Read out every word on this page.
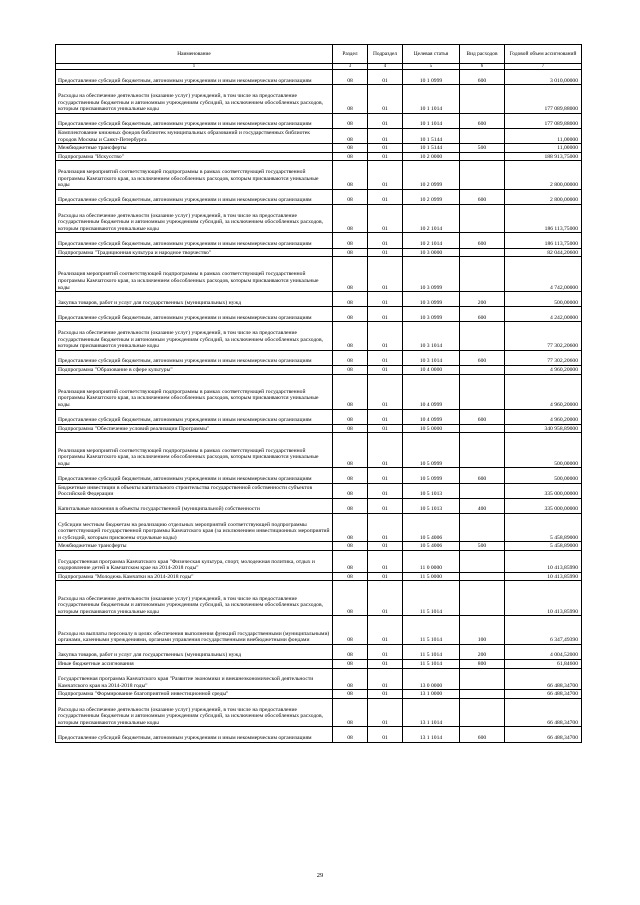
Наименование	Раздел	Подраздел	Целевая статья	Вид расходов	Годовой объем ассигнований
1	3	4	5	6	7
Предоставление субсидий бюджетным, автономным учреждениям и иным некоммерческим организациям	08	01	10 1 0999	600	3 010,00000
Расходы на обеспечение деятельности (оказание услуг) учреждений, в том числе на предоставление государственным бюджетным и автономным учреждениям субсидий, за исключением обособленных расходов, которым присваиваются уникальные коды	08	01	10 1 1014		177 089,88000
Предоставление субсидий бюджетным, автономным учреждениям и иным некоммерческим организациям	08	01	10 1 1014	600	177 089,88000
Комплектование книжных фондов библиотек муниципальных образований и государственных библиотек городов Москвы и Санкт-Петербурга	08	01	10 1 5144		11,00000
Межбюджетные трансферты	08	01	10 1 5144	500	11,00000
Подпрограмма "Искусство"	08	01	10 2 0000		188 913,75000
Реализация мероприятий соответствующей подпрограммы в рамках соответствующей государственной программы Камчатского края, за исключением обособленных расходов, которым присваиваются уникальные коды	08	01	10 2 0999		2 800,00000
Предоставление субсидий бюджетным, автономным учреждениям и иным некоммерческим организациям	08	01	10 2 0999	600	2 800,00000
Расходы на обеспечение деятельности (оказание услуг) учреждений, в том числе на предоставление государственным бюджетным и автономным учреждениям субсидий, за исключением обособленных расходов, которым присваиваются уникальные коды	08	01	10 2 1014		186 113,75000
Предоставление субсидий бюджетным, автономным учреждениям и иным некоммерческим организациям	08	01	10 2 1014	600	186 113,75000
Подпрограмма "Традиционная культура и народное творчество"	08	01	10 3 0000		82 044,20600
Реализация мероприятий соответствующей подпрограммы в рамках соответствующей государственной программы Камчатского края, за исключением обособленных расходов, которым присваиваются уникальные коды	08	01	10 3 0999		4 742,00000
Закупка товаров, работ и услуг для государственных (муниципальных) нужд	08	01	10 3 0999	200	500,00000
Предоставление субсидий бюджетным, автономным учреждениям и иным некоммерческим организациям	08	01	10 3 0999	600	4 242,00000
Расходы на обеспечение деятельности (оказание услуг) учреждений, в том числе на предоставление государственным бюджетным и автономным учреждениям субсидий, за исключением обособленных расходов, которым присваиваются уникальные коды	08	01	10 3 1014		77 302,20600
Предоставление субсидий бюджетным, автономным учреждениям и иным некоммерческим организациям	08	01	10 3 1014	600	77 302,20600
Подпрограмма "Образование в сфере культуры"	08	01	10 4 0000		4 960,20000
Реализация мероприятий соответствующей подпрограммы в рамках соответствующей государственной программы Камчатского края, за исключением обособленных расходов, которым присваиваются уникальные коды	08	01	10 4 0999		4 960,20000
Предоставление субсидий бюджетным, автономным учреждениям и иным некоммерческим организациям	08	01	10 4 0999	600	4 960,20000
Подпрограмма "Обеспечение условий реализации Программы"	08	01	10 5 0000		340 958,89000
Реализация мероприятий соответствующей подпрограммы в рамках соответствующей государственной программы Камчатского края, за исключением обособленных расходов, которым присваиваются уникальные коды	08	01	10 5 0999		500,00000
Предоставление субсидий бюджетным, автономным учреждениям и иным некоммерческим организациям	08	01	10 5 0999	600	500,00000
Бюджетные инвестиции в объекты капитального строительства государственной собственности субъектов Российской Федерации	08	01	10 5 1013		335 000,00000
Капитальные вложения в объекты государственной (муниципальной) собственности	08	01	10 5 1013	400	335 000,00000
Субсидии местным бюджетам на реализацию отдельных мероприятий соответствующей подпрограммы соответствующей государственной программы Камчатского края (за исключением инвестиционных мероприятий и субсидий, которым присвоены отдельные коды)	08	01	10 5 4006		5 458,89000
Межбюджетные трансферты	08	01	10 5 4006	500	5 458,89000
Государственная программа Камчатского края "Физическая культура, спорт, молодежная политика, отдых и оздоровление детей в Камчатском крае на 2014-2018 годы"	08	01	11 0 0000		10 413,85990
Подпрограмма "Молодежь Камчатки на 2014-2018 годы"	08	01	11 5 0000		10 413,85990
Расходы на обеспечение деятельности (оказание услуг) учреждений, в том числе на предоставление государственным бюджетным и автономным учреждениям субсидий, за исключением обособленных расходов, которым присваиваются уникальные коды	08	01	11 5 1014		10 413,85990
Расходы на выплаты персоналу в целях обеспечения выполнения функций государственными (муниципальными) органами, казенными учреждениями, органами управления государственными внебюджетными фондами	08	01	11 5 1014	100	6 347,49390
Закупка товаров, работ и услуг для государственных (муниципальных) нужд	08	01	11 5 1014	200	4 004,52000
Иные бюджетные ассигнования	08	01	11 5 1014	800	61,84600
Государственная программа Камчатского края "Развитие экономики и внешнеэкономической деятельности Камчатского края на 2014-2018 годы"	08	01	13 0 0000		66 488,34700
Подпрограмма "Формирование благоприятной инвестиционной среды"	08	01	13 1 0000		66 488,34700
Расходы на обеспечение деятельности (оказание услуг) учреждений, в том числе на предоставление государственным бюджетным и автономным учреждениям субсидий, за исключением обособленных расходов, которым присваиваются уникальные коды	08	01	13 1 1014		66 488,34700
Предоставление субсидий бюджетным, автономным учреждениям и иным некоммерческим организациям	08	01	13 1 1014	600	66 488,34700
29
